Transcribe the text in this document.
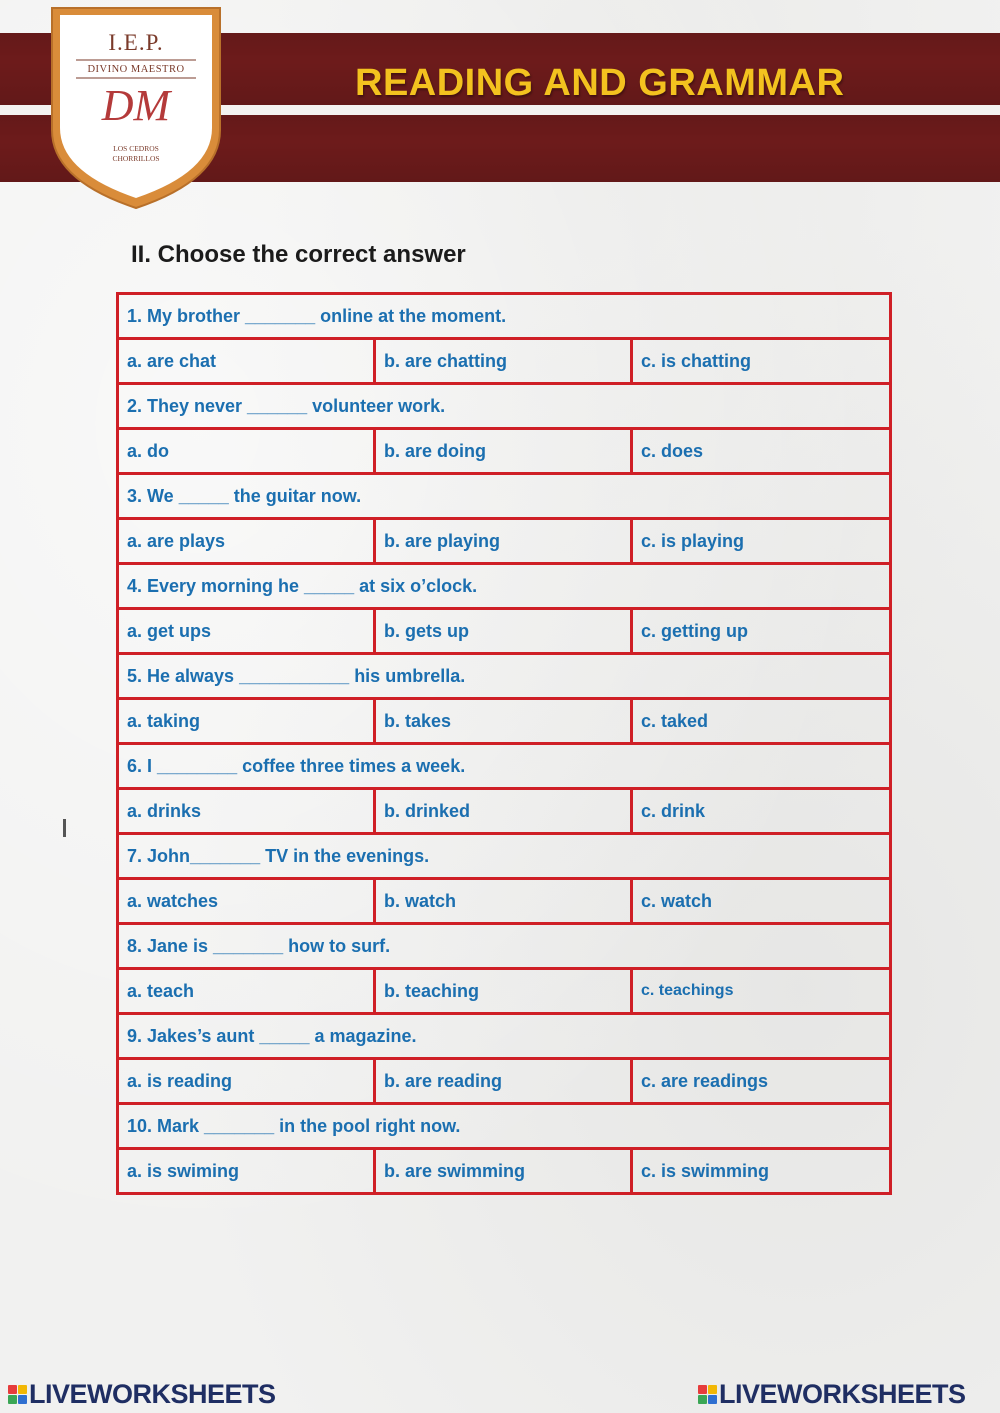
I.E.P.
DIVINO MAESTRO
DM
LOS CEDROS
CHORRILLOS
READING AND GRAMMAR
II. Choose the correct answer
1. My brother _______ online at the moment.		
a. are chat	b. are chatting	c. is chatting
2. They never ______ volunteer work.		
a. do	b. are doing	c. does
3. We _____ the guitar now.		
a. are plays	b. are playing	c. is playing
4. Every morning he _____ at six o’clock.		
a. get ups	b. gets up	c. getting up
5. He always ___________ his umbrella.		
a. taking	b. takes	c. taked
6. I ________ coffee three times a week.		
a. drinks	b. drinked	c. drink
7. John_______ TV in the evenings.		
a. watches	b. watch	c. watch
8. Jane is _______ how to surf.		
a. teach	b. teaching	c. teachings
9. Jakes’s aunt _____ a magazine.		
a. is reading	b. are reading	c. are readings
10. Mark _______ in the pool right now.		
a. is swiming	b. are swimming	c. is swimming
LIVEWORKSHEETS	LIVEWORKSHEETS
